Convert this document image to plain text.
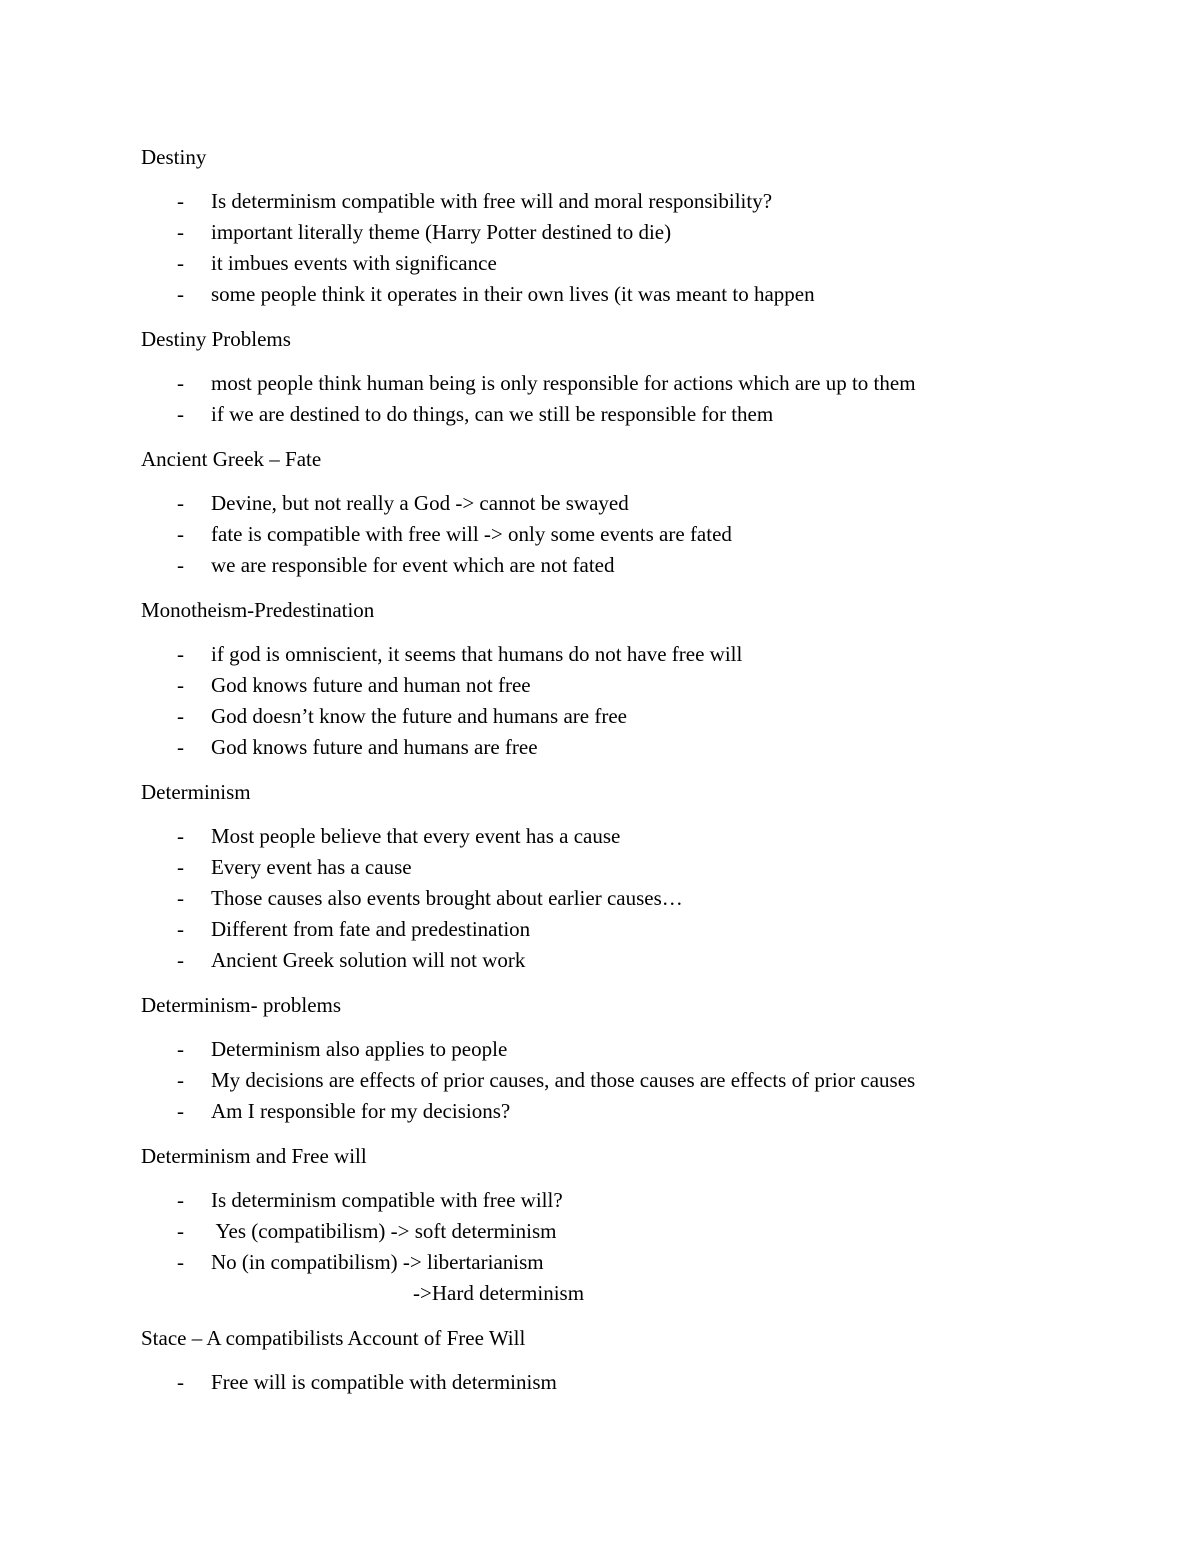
Destiny
- Is determinism compatible with free will and moral responsibility?
- important literally theme (Harry Potter destined to die)
- it imbues events with significance
- some people think it operates in their own lives (it was meant to happen
Destiny Problems
- most people think human being is only responsible for actions which are up to them
- if we are destined to do things, can we still be responsible for them
Ancient Greek – Fate
- Devine, but not really a God -> cannot be swayed
- fate is compatible with free will -> only some events are fated
- we are responsible for event which are not fated
Monotheism-Predestination
- if god is omniscient, it seems that humans do not have free will
- God knows future and human not free
- God doesn’t know the future and humans are free
- God knows future and humans are free
Determinism
- Most people believe that every event has a cause
- Every event has a cause
- Those causes also events brought about earlier causes…
- Different from fate and predestination
- Ancient Greek solution will not work
Determinism- problems
- Determinism also applies to people
- My decisions are effects of prior causes, and those causes are effects of prior causes
- Am I responsible for my decisions?
Determinism and Free will
- Is determinism compatible with free will?
- Yes (compatibilism) -> soft determinism
- No (in compatibilism) -> libertarianism
->Hard determinism
Stace – A compatibilists Account of Free Will
- Free will is compatible with determinism
